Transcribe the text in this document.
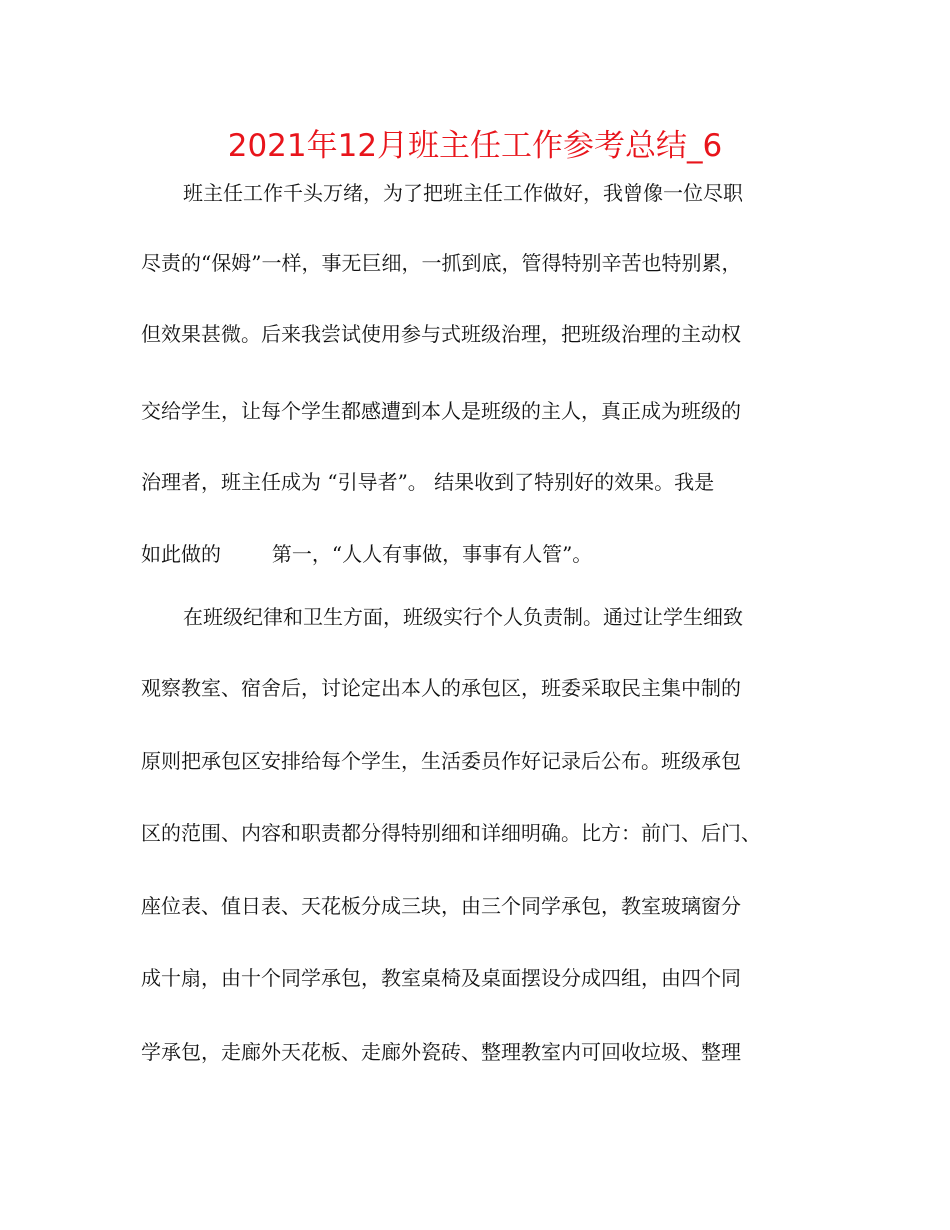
2021年12月班主任工作参考总结_6
班主任工作千头万绪，为了把班主任工作做好，我曾像一位尽职
尽责的“保姆”一样，事无巨细，一抓到底，管得特别辛苦也特别累，
但效果甚微。后来我尝试使用参与式班级治理，把班级治理的主动权
交给学生，让每个学生都感遭到本人是班级的主人，真正成为班级的
治理者，班主任成为 “引导者”。 结果收到了特别好的效果。我是
如此做的        第一，“人人有事做，事事有人管”。
在班级纪律和卫生方面，班级实行个人负责制。通过让学生细致
观察教室、宿舍后，讨论定出本人的承包区，班委采取民主集中制的
原则把承包区安排给每个学生，生活委员作好记录后公布。班级承包
区的范围、内容和职责都分得特别细和详细明确。比方：前门、后门、
座位表、值日表、天花板分成三块，由三个同学承包，教室玻璃窗分
成十扇，由十个同学承包，教室桌椅及桌面摆设分成四组，由四个同
学承包，走廊外天花板、走廊外瓷砖、整理教室内可回收垃圾、整理
